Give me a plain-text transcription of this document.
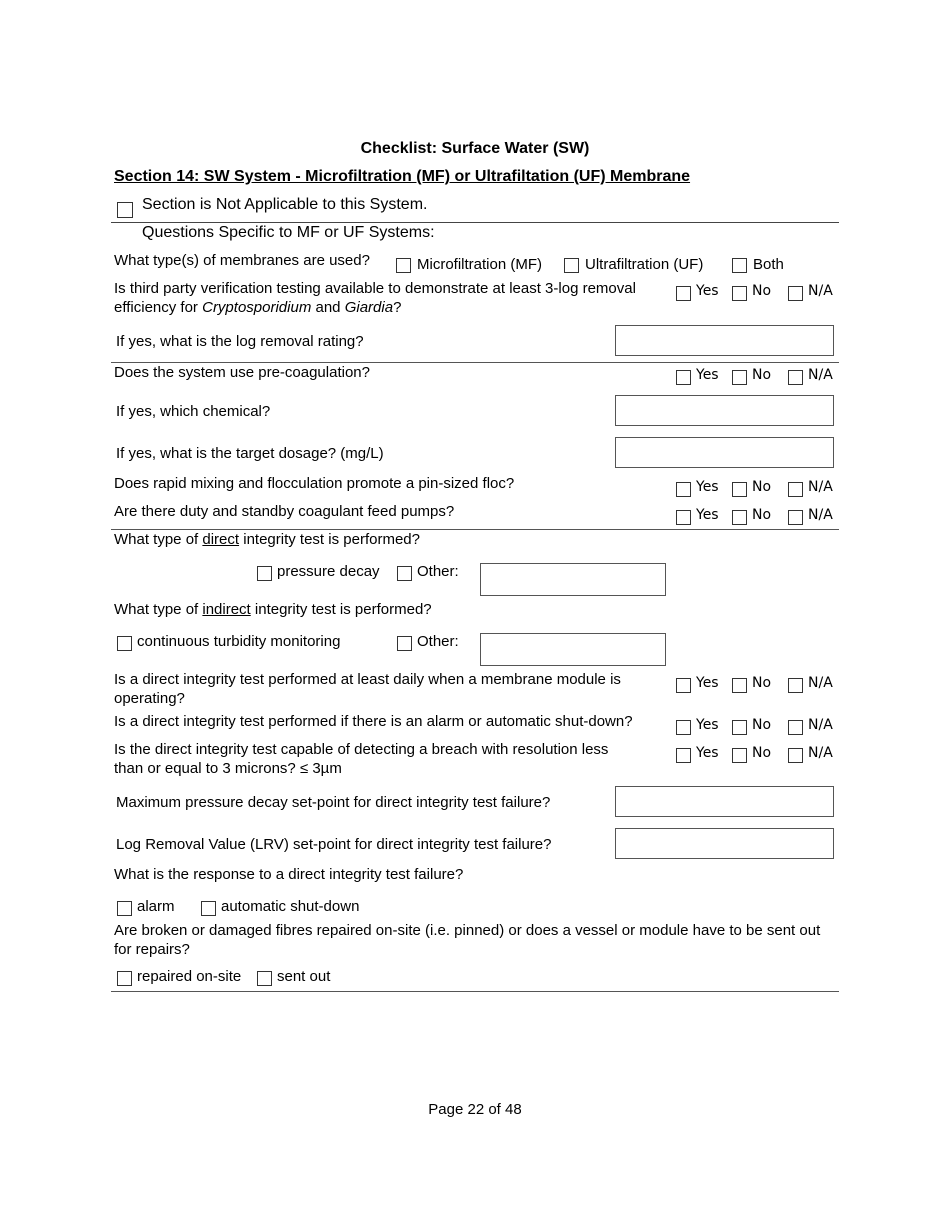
Checklist: Surface Water (SW)
Section 14: SW System - Microfiltration (MF) or Ultrafiltation (UF) Membrane
Section is Not Applicable to this System.
Questions Specific to MF or UF Systems:
What type(s) of membranes are used?	Microfiltration (MF)	Ultrafiltration (UF)	Both
Is third party verification testing available to demonstrate at least 3-log removal efficiency for Cryptosporidium and Giardia?
Yes No	N/A
If yes, what is the log removal rating?
Does the system use pre-coagulation?	Yes No	N/A
If yes, which chemical?
If yes, what is the target dosage? (mg/L)
Does rapid mixing and flocculation promote a pin-sized floc?	Yes No	N/A
Are there duty and standby coagulant feed pumps?	Yes No	N/A
What type of direct integrity test is performed?
pressure decay Other:
What type of indirect integrity test is performed?
continuous turbidity monitoring	Other:
Is a direct integrity test performed at least daily when a membrane module is operating?
Yes No	N/A
Is a direct integrity test performed if there is an alarm or automatic shut-down?	Yes No	N/A
Is the direct integrity test capable of detecting a breach with resolution less than or equal to 3 microns? ≤ 3µm
Yes No	N/A
Maximum pressure decay set-point for direct integrity test failure?
Log Removal Value (LRV) set-point for direct integrity test failure?
What is the response to a direct integrity test failure?
alarm	automatic shut-down
Are broken or damaged fibres repaired on-site (i.e. pinned) or does a vessel or module have to be sent out for repairs?
repaired on-site sent out
Page 22 of 48
